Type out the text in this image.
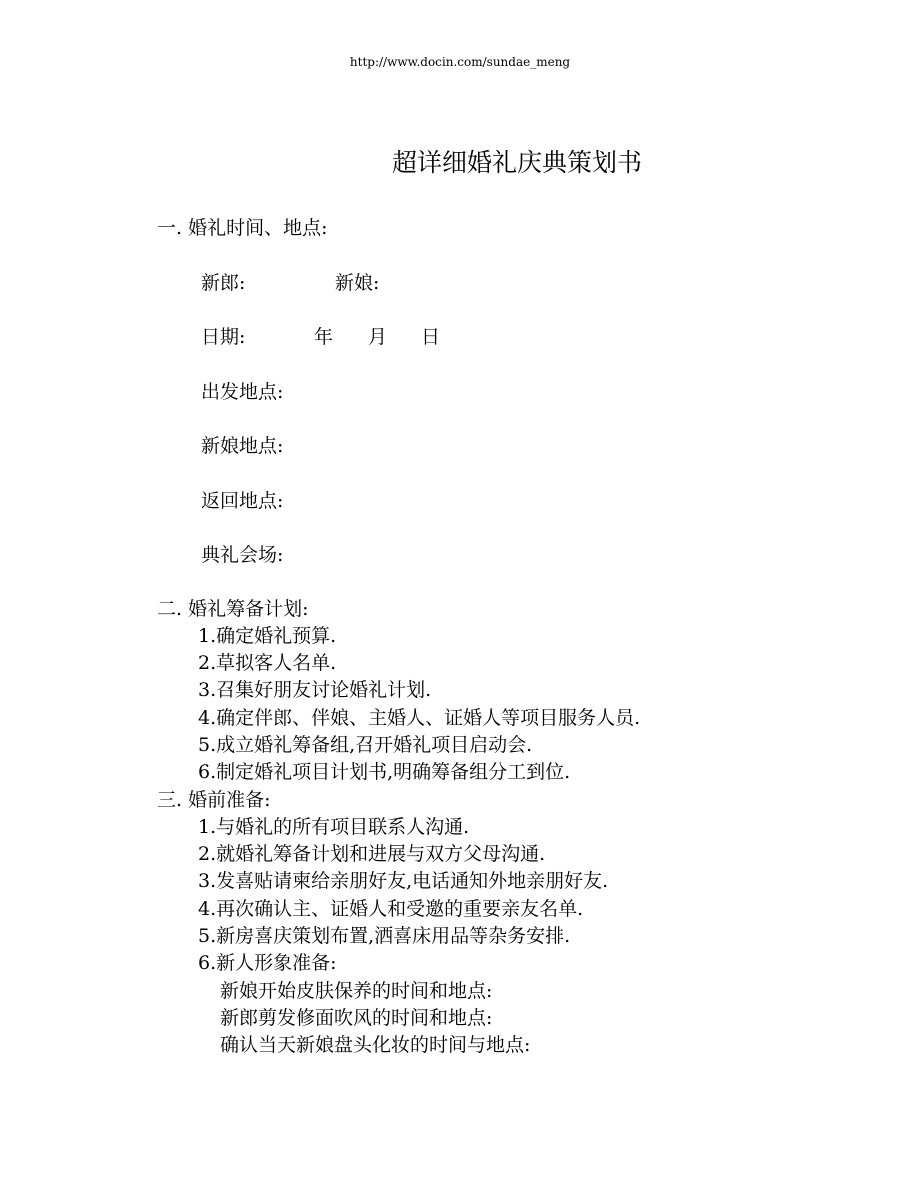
http://www.docin.com/sundae_meng
超详细婚礼庆典策划书
一. 婚礼时间、地点:
新郎:	新娘:
日期:	年 月 日
出发地点:
新娘地点:
返回地点:
典礼会场:
二. 婚礼筹备计划:
1.确定婚礼预算.
2.草拟客人名单.
3.召集好朋友讨论婚礼计划.
4.确定伴郎、伴娘、主婚人、证婚人等项目服务人员.
5.成立婚礼筹备组,召开婚礼项目启动会.
6.制定婚礼项目计划书,明确筹备组分工到位.
三. 婚前准备:
1.与婚礼的所有项目联系人沟通.
2.就婚礼筹备计划和进展与双方父母沟通.
3.发喜贴请柬给亲朋好友,电话通知外地亲朋好友.
4.再次确认主、证婚人和受邀的重要亲友名单.
5.新房喜庆策划布置,洒喜床用品等杂务安排.
6.新人形象准备:
新娘开始皮肤保养的时间和地点:
新郎剪发修面吹风的时间和地点:
确认当天新娘盘头化妆的时间与地点:
